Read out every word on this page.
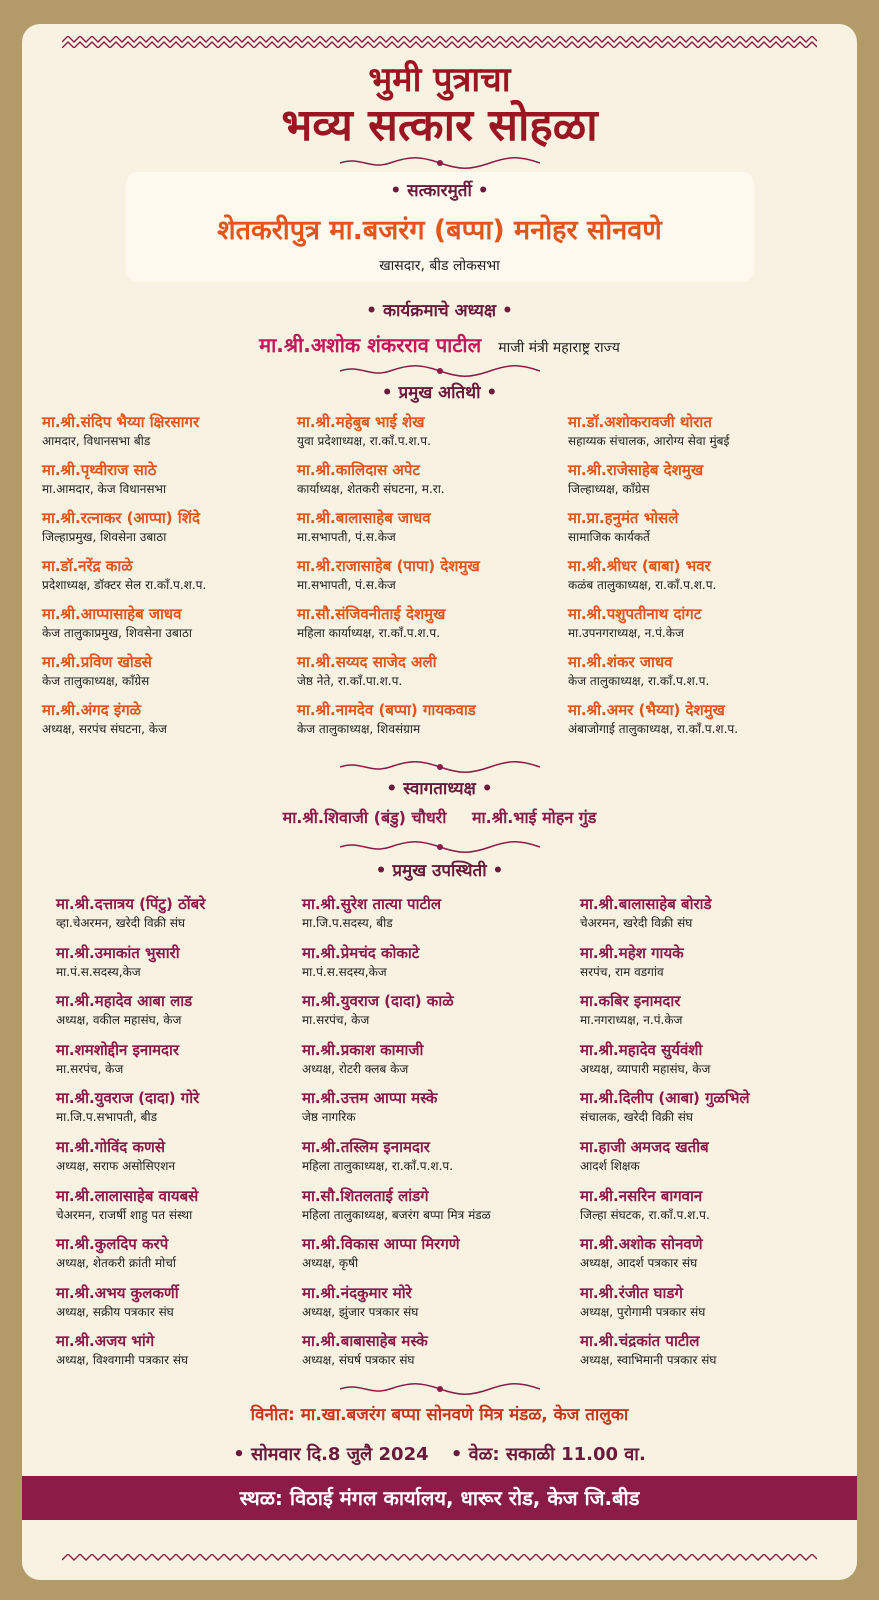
भुमी पुत्राचा
भव्य सत्कार सोहळा
• सत्कारमुर्ती •
शेतकरीपुत्र मा.बजरंग (बप्पा) मनोहर सोनवणे
खासदार, बीड लोकसभा
• कार्यक्रमाचे अध्यक्ष •
मा.श्री.अशोक शंकरराव पाटील माजी मंत्री महाराष्ट्र राज्य
• प्रमुख अतिथी •
मा.श्री.संदिप भैय्या क्षिरसागर
आमदार, विधानसभा बीड
मा.श्री.पृथ्वीराज साठे
मा.आमदार, केज विधानसभा
मा.श्री.रत्नाकर (आप्पा) शिंदे
जिल्हाप्रमुख, शिवसेना उबाठा
मा.डॉ.नरेंद्र काळे
प्रदेशाध्यक्ष, डॉक्टर सेल रा.काँ.प.श.प.
मा.श्री.आप्पासाहेब जाधव
केज तालुकाप्रमुख, शिवसेना उबाठा
मा.श्री.प्रविण खोडसे
केज तालुकाध्यक्ष, काँग्रेस
मा.श्री.अंगद इंगळे
अध्यक्ष, सरपंच संघटना, केज
मा.श्री.महेबुब भाई शेख
युवा प्रदेशाध्यक्ष, रा.काँ.प.श.प.
मा.श्री.कालिदास अपेट
कार्याध्यक्ष, शेतकरी संघटना, म.रा.
मा.श्री.बालासाहेब जाधव
मा.सभापती, पं.स.केज
मा.श्री.राजासाहेब (पापा) देशमुख
मा.सभापती, पं.स.केज
मा.सौ.संजिवनीताई देशमुख
महिला कार्याध्यक्ष, रा.काँ.प.श.प.
मा.श्री.सय्यद साजेद अली
जेष्ठ नेते, रा.काँ.पा.श.प.
मा.श्री.नामदेव (बप्पा) गायकवाड
केज तालुकाध्यक्ष, शिवसंग्राम
मा.डॉ.अशोकरावजी थोरात
सहाय्यक संचालक, आरोग्य सेवा मुंबई
मा.श्री.राजेसाहेब देशमुख
जिल्हाध्यक्ष, काँग्रेस
मा.प्रा.हनुमंत भोसले
सामाजिक कार्यकर्ते
मा.श्री.श्रीधर (बाबा) भवर
कळंब तालुकाध्यक्ष, रा.काँ.प.श.प.
मा.श्री.पशुपतीनाथ दांगट
मा.उपनगराध्यक्ष, न.पं.केज
मा.श्री.शंकर जाधव
केज तालुकाध्यक्ष, रा.काँ.प.श.प.
मा.श्री.अमर (भैय्या) देशमुख
अंबाजोगाई तालुकाध्यक्ष, रा.काँ.प.श.प.
• स्वागताध्यक्ष •
मा.श्री.शिवाजी (बंडु) चौधरी मा.श्री.भाई मोहन गुंड
• प्रमुख उपस्थिती •
मा.श्री.दत्तात्रय (पिंटु) ठोंबरे
व्हा.चेअरमन, खरेदी विक्री संघ
मा.श्री.उमाकांत भुसारी
मा.पं.स.सदस्य,केज
मा.श्री.महादेव आबा लाड
अध्यक्ष, वकील महासंघ, केज
मा.शमशोद्दीन इनामदार
मा.सरपंच, केज
मा.श्री.युवराज (दादा) गोरे
मा.जि.प.सभापती, बीड
मा.श्री.गोविंद कणसे
अध्यक्ष, सराफ असोसिएशन
मा.श्री.लालासाहेब वायबसे
चेअरमन, राजर्षी शाहु पत संस्था
मा.श्री.कुलदिप करपे
अध्यक्ष, शेतकरी क्रांती मोर्चा
मा.श्री.अभय कुलकर्णी
अध्यक्ष, सक्रीय पत्रकार संघ
मा.श्री.अजय भांगे
अध्यक्ष, विश्वगामी पत्रकार संघ
मा.श्री.सुरेश तात्या पाटील
मा.जि.प.सदस्य, बीड
मा.श्री.प्रेमचंद कोकाटे
मा.पं.स.सदस्य,केज
मा.श्री.युवराज (दादा) काळे
मा.सरपंच, केज
मा.श्री.प्रकाश कामाजी
अध्यक्ष, रोटरी क्लब केज
मा.श्री.उत्तम आप्पा मस्के
जेष्ठ नागरिक
मा.श्री.तस्लिम इनामदार
महिला तालुकाध्यक्ष, रा.काँ.प.श.प.
मा.सौ.शितलताई लांडगे
महिला तालुकाध्यक्ष, बजरंग बप्पा मित्र मंडळ
मा.श्री.विकास आप्पा मिरगणे
अध्यक्ष, कृषी
मा.श्री.नंदकुमार मोरे
अध्यक्ष, झुंजार पत्रकार संघ
मा.श्री.बाबासाहेब मस्के
अध्यक्ष, संघर्ष पत्रकार संघ
मा.श्री.बालासाहेब बोराडे
चेअरमन, खरेदी विक्री संघ
मा.श्री.महेश गायके
सरपंच, राम वडगांव
मा.कबिर इनामदार
मा.नगराध्यक्ष, न.पं.केज
मा.श्री.महादेव सुर्यवंशी
अध्यक्ष, व्यापारी महासंघ, केज
मा.श्री.दिलीप (आबा) गुळभिले
संचालक, खरेदी विक्री संघ
मा.हाजी अमजद खतीब
आदर्श शिक्षक
मा.श्री.नसरिन बागवान
जिल्हा संघटक, रा.काँ.प.श.प.
मा.श्री.अशोक सोनवणे
अध्यक्ष, आदर्श पत्रकार संघ
मा.श्री.रंजीत घाडगे
अध्यक्ष, पुरोगामी पत्रकार संघ
मा.श्री.चंद्रकांत पाटील
अध्यक्ष, स्वाभिमानी पत्रकार संघ
विनीत: मा.खा.बजरंग बप्पा सोनवणे मित्र मंडळ, केज तालुका
• सोमवार दि.8 जुलै 2024 • वेळ: सकाळी 11.00 वा.
स्थळ: विठाई मंगल कार्यालय, धारूर रोड, केज जि.बीड
